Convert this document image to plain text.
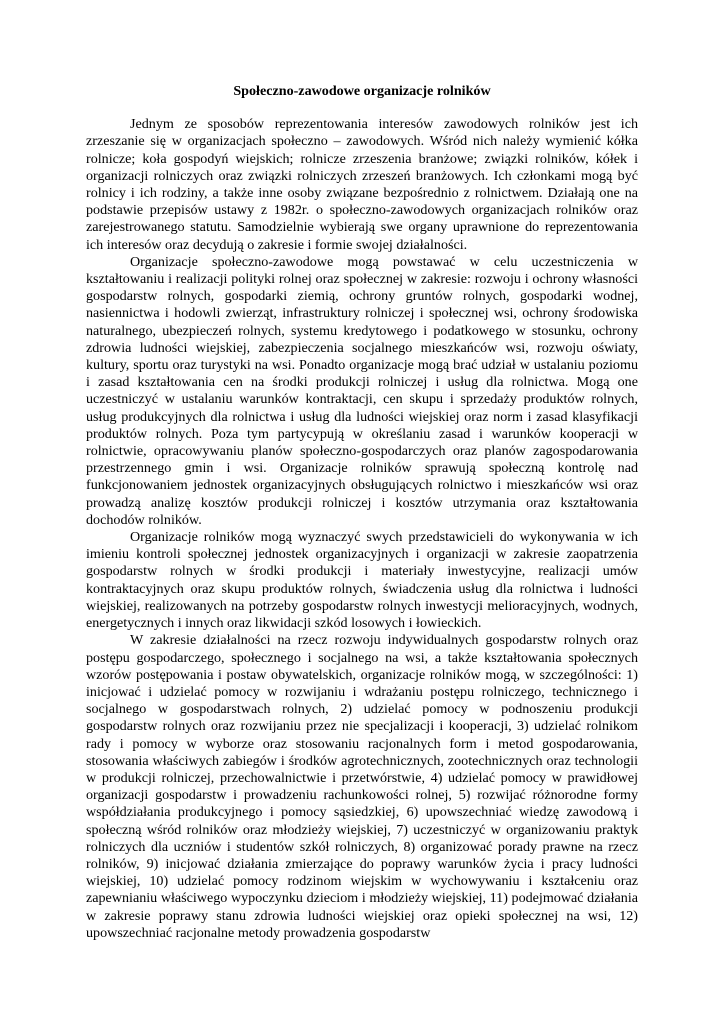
Społeczno-zawodowe organizacje rolników

Jednym ze sposobów reprezentowania interesów zawodowych rolników jest ich zrzeszanie się w organizacjach społeczno – zawodowych. Wśród nich należy wymienić kółka rolnicze; koła gospodyń wiejskich; rolnicze zrzeszenia branżowe; związki rolników, kółek i organizacji rolniczych oraz związki rolniczych zrzeszeń branżowych. Ich członkami mogą być rolnicy i ich rodziny, a także inne osoby związane bezpośrednio z rolnictwem. Działają one na podstawie przepisów ustawy z 1982r. o społeczno-zawodowych organizacjach rolników oraz zarejestrowanego statutu. Samodzielnie wybierają swe organy uprawnione do reprezentowania ich interesów oraz decydują o zakresie i formie swojej działalności.

Organizacje społeczno-zawodowe mogą powstawać w celu uczestniczenia w kształtowaniu i realizacji polityki rolnej oraz społecznej w zakresie: rozwoju i ochrony własności gospodarstw rolnych, gospodarki ziemią, ochrony gruntów rolnych, gospodarki wodnej, nasiennictwa i hodowli zwierząt, infrastruktury rolniczej i społecznej wsi, ochrony środowiska naturalnego, ubezpieczeń rolnych, systemu kredytowego i podatkowego w stosunku, ochrony zdrowia ludności wiejskiej, zabezpieczenia socjalnego mieszkańców wsi, rozwoju oświaty, kultury, sportu oraz turystyki na wsi. Ponadto organizacje mogą brać udział w ustalaniu poziomu i zasad kształtowania cen na środki produkcji rolniczej i usług dla rolnictwa. Mogą one uczestniczyć w ustalaniu warunków kontraktacji, cen skupu i sprzedaży produktów rolnych, usług produkcyjnych dla rolnictwa i usług dla ludności wiejskiej oraz norm i zasad klasyfikacji produktów rolnych. Poza tym partycypują w określaniu zasad i warunków kooperacji w rolnictwie, opracowywaniu planów społeczno-gospodarczych oraz planów zagospodarowania przestrzennego gmin i wsi. Organizacje rolników sprawują społeczną kontrolę nad funkcjonowaniem jednostek organizacyjnych obsługujących rolnictwo i mieszkańców wsi oraz prowadzą analizę kosztów produkcji rolniczej i kosztów utrzymania oraz kształtowania dochodów rolników.

Organizacje rolników mogą wyznaczyć swych przedstawicieli do wykonywania w ich imieniu kontroli społecznej jednostek organizacyjnych i organizacji w zakresie zaopatrzenia gospodarstw rolnych w środki produkcji i materiały inwestycyjne, realizacji umów kontraktacyjnych oraz skupu produktów rolnych, świadczenia usług dla rolnictwa i ludności wiejskiej, realizowanych na potrzeby gospodarstw rolnych inwestycji melioracyjnych, wodnych, energetycznych i innych oraz likwidacji szkód losowych i łowieckich.

W zakresie działalności na rzecz rozwoju indywidualnych gospodarstw rolnych oraz postępu gospodarczego, społecznego i socjalnego na wsi, a także kształtowania społecznych wzorów postępowania i postaw obywatelskich, organizacje rolników mogą, w szczególności: 1) inicjować i udzielać pomocy w rozwijaniu i wdrażaniu postępu rolniczego, technicznego i socjalnego w gospodarstwach rolnych, 2) udzielać pomocy w podnoszeniu produkcji gospodarstw rolnych oraz rozwijaniu przez nie specjalizacji i kooperacji, 3) udzielać rolnikom rady i pomocy w wyborze oraz stosowaniu racjonalnych form i metod gospodarowania, stosowania właściwych zabiegów i środków agrotechnicznych, zootechnicznych oraz technologii w produkcji rolniczej, przechowalnictwie i przetwórstwie, 4) udzielać pomocy w prawidłowej organizacji gospodarstw i prowadzeniu rachunkowości rolnej, 5) rozwijać różnorodne formy współdziałania produkcyjnego i pomocy sąsiedzkiej, 6) upowszechniać wiedzę zawodową i społeczną wśród rolników oraz młodzieży wiejskiej, 7) uczestniczyć w organizowaniu praktyk rolniczych dla uczniów i studentów szkół rolniczych, 8) organizować porady prawne na rzecz rolników, 9) inicjować działania zmierzające do poprawy warunków życia i pracy ludności wiejskiej, 10) udzielać pomocy rodzinom wiejskim w wychowywaniu i kształceniu oraz zapewnianiu właściwego wypoczynku dzieciom i młodzieży wiejskiej, 11) podejmować działania w zakresie poprawy stanu zdrowia ludności wiejskiej oraz opieki społecznej na wsi, 12) upowszechniać racjonalne metody prowadzenia gospodarstw
